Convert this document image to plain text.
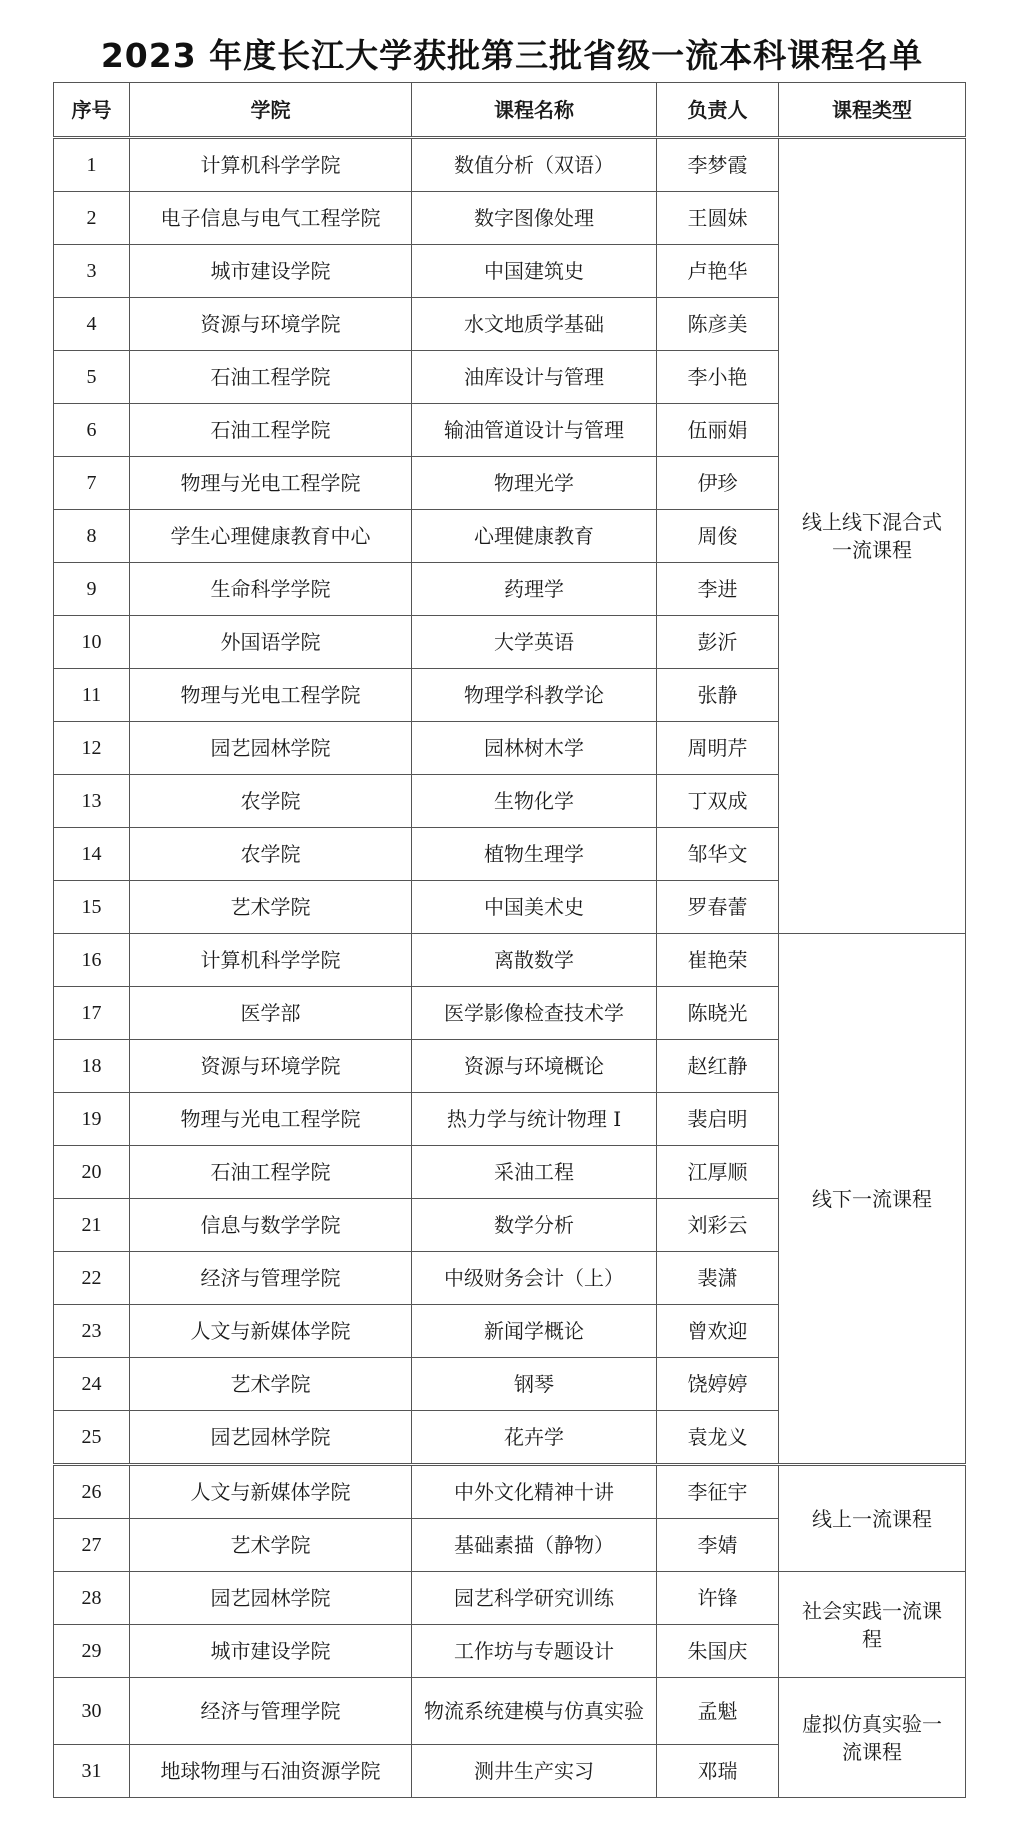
2023 年度长江大学获批第三批省级一流本科课程名单
序号	学院	课程名称	负责人	课程类型
1	计算机科学学院	数值分析（双语）	李梦霞	线上线下混合式一流课程
2	电子信息与电气工程学院	数字图像处理	王圆妹	
3	城市建设学院	中国建筑史	卢艳华	
4	资源与环境学院	水文地质学基础	陈彦美	
5	石油工程学院	油库设计与管理	李小艳	
6	石油工程学院	输油管道设计与管理	伍丽娟	
7	物理与光电工程学院	物理光学	伊珍	
8	学生心理健康教育中心	心理健康教育	周俊	
9	生命科学学院	药理学	李进	
10	外国语学院	大学英语	彭沂	
11	物理与光电工程学院	物理学科教学论	张静	
12	园艺园林学院	园林树木学	周明芹	
13	农学院	生物化学	丁双成	
14	农学院	植物生理学	邹华文	
15	艺术学院	中国美术史	罗春蕾	
16	计算机科学学院	离散数学	崔艳荣	线下一流课程
17	医学部	医学影像检查技术学	陈晓光	
18	资源与环境学院	资源与环境概论	赵红静	
19	物理与光电工程学院	热力学与统计物理 I	裴启明	
20	石油工程学院	采油工程	江厚顺	
21	信息与数学学院	数学分析	刘彩云	
22	经济与管理学院	中级财务会计（上）	裴潇	
23	人文与新媒体学院	新闻学概论	曾欢迎	
24	艺术学院	钢琴	饶婷婷	
25	园艺园林学院	花卉学	袁龙义	
26	人文与新媒体学院	中外文化精神十讲	李征宇	线上一流课程
27	艺术学院	基础素描（静物）	李婧	
28	园艺园林学院	园艺科学研究训练	许锋	社会实践一流课程
29	城市建设学院	工作坊与专题设计	朱国庆	
30	经济与管理学院	物流系统建模与仿真实验	孟魁	虚拟仿真实验一流课程
31	地球物理与石油资源学院	测井生产实习	邓瑞	
